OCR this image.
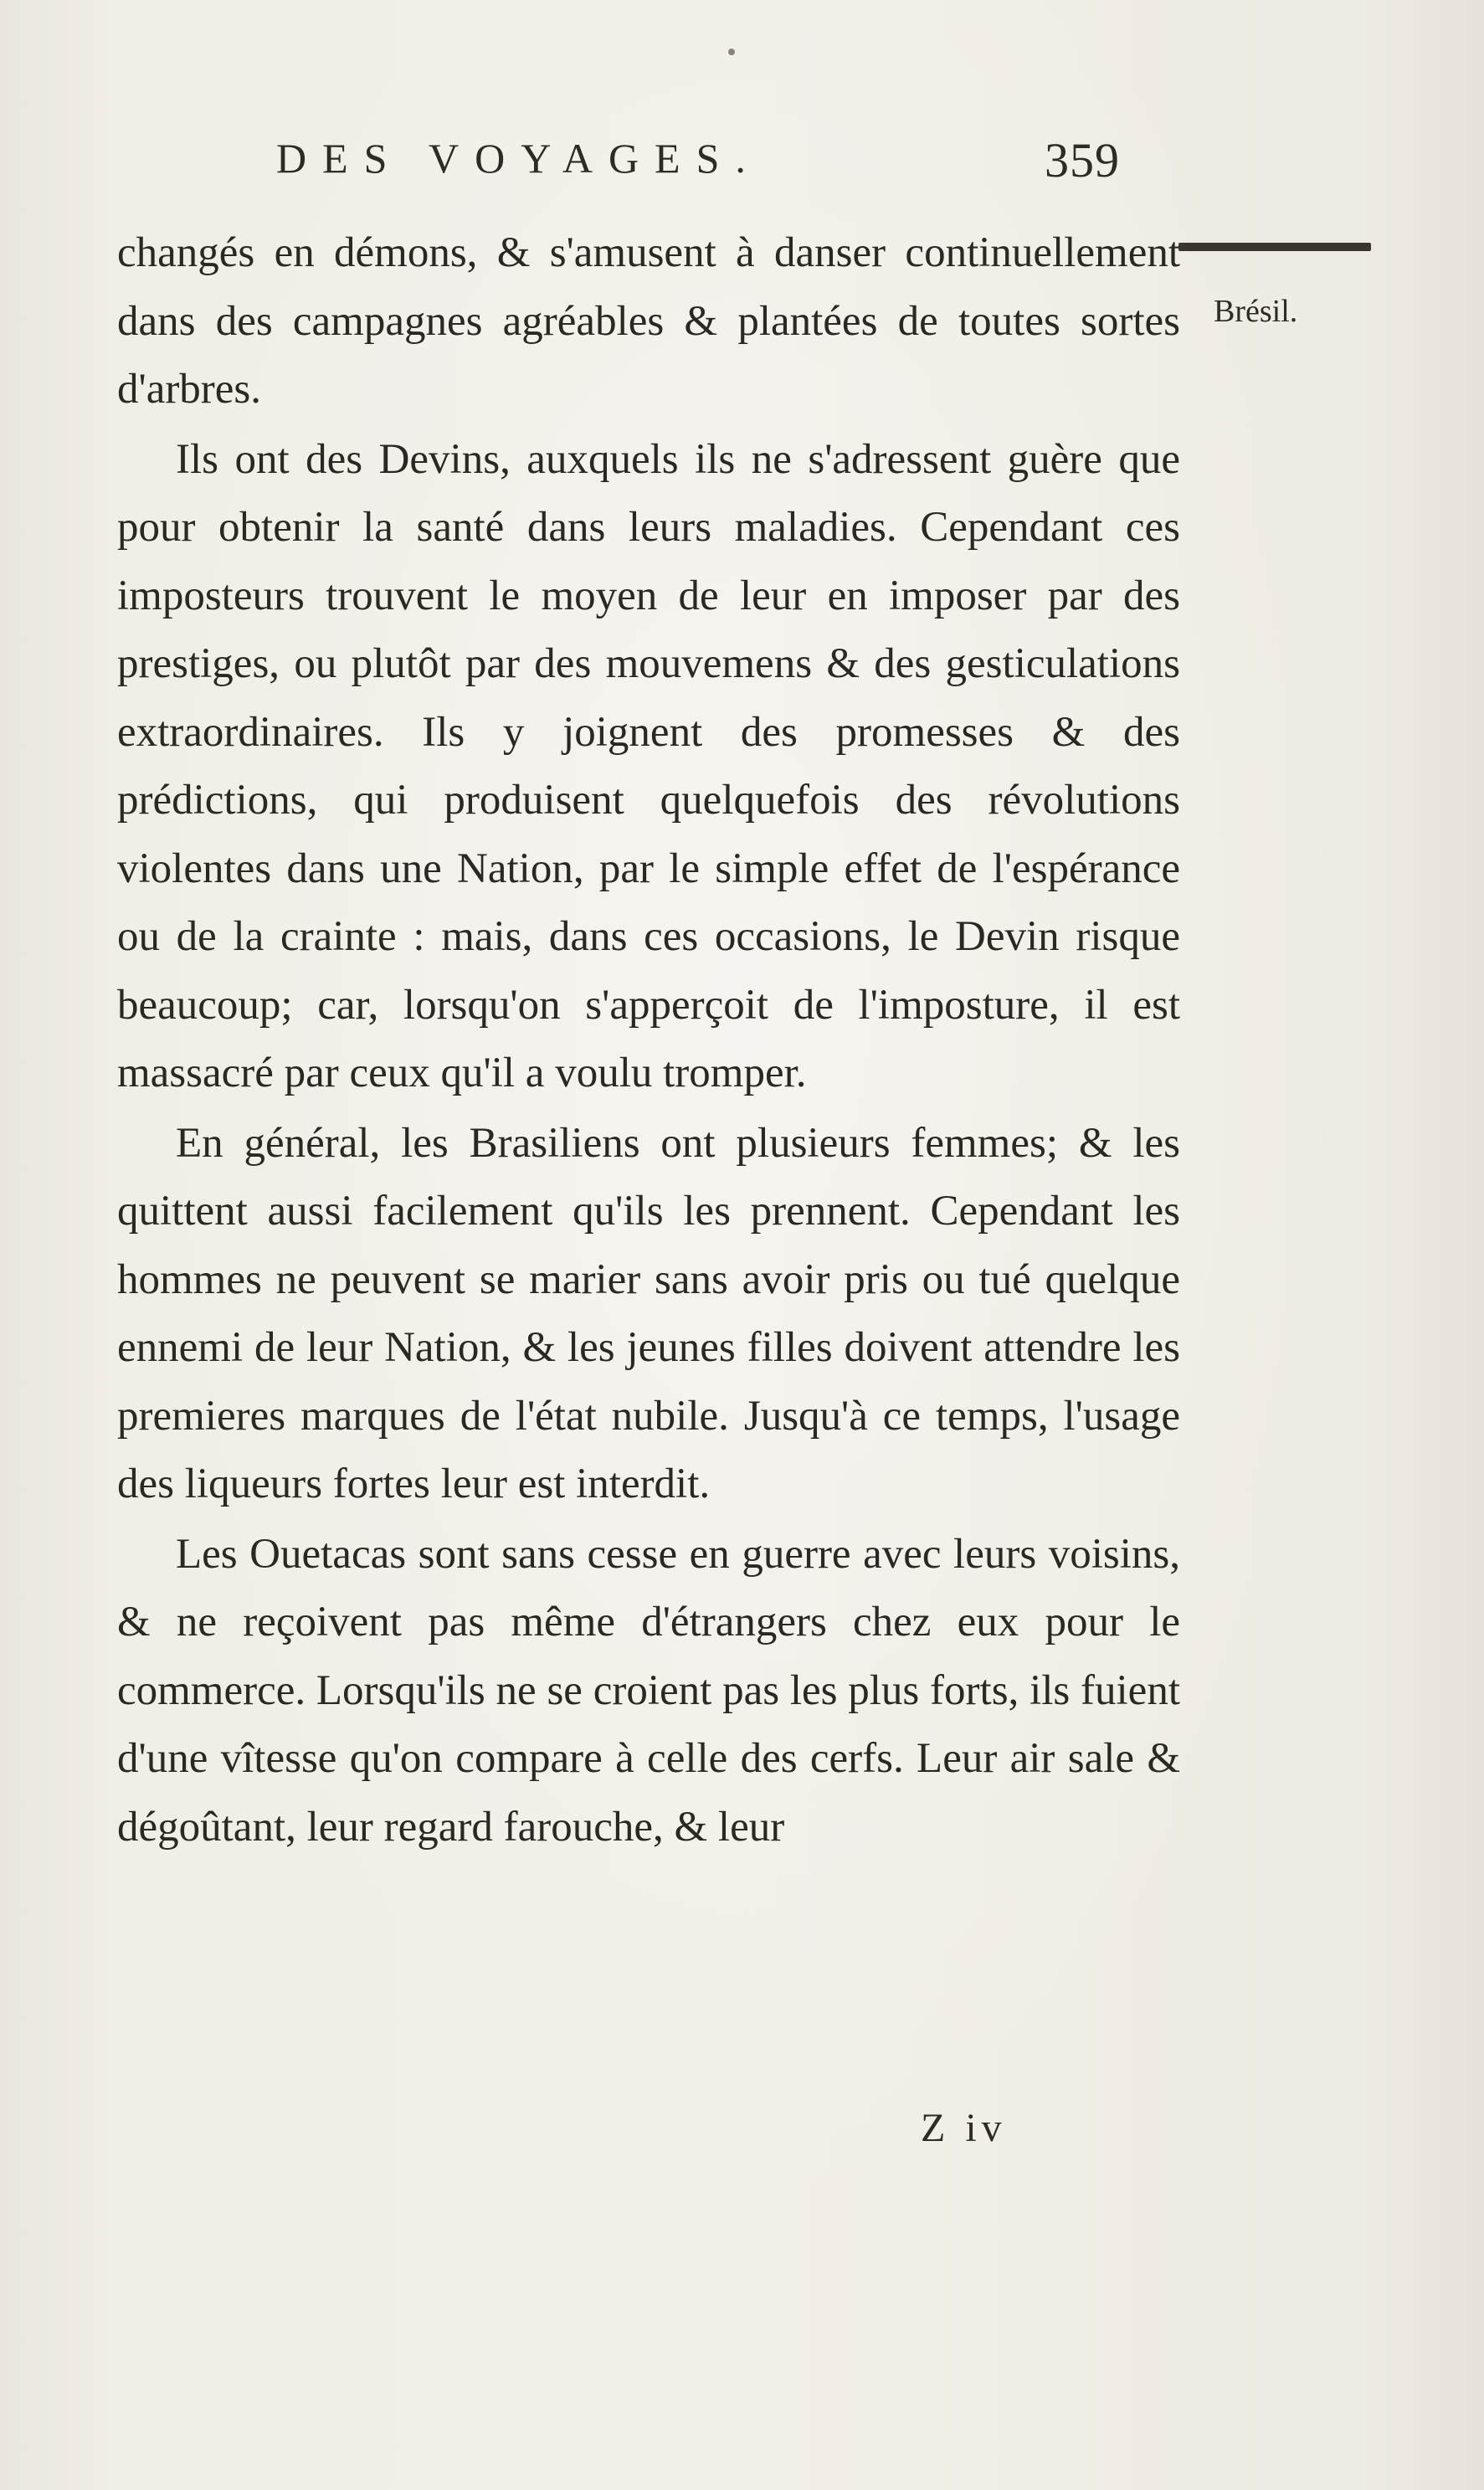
DES VOYAGES.	359
Brésil.

changés en démons, & s'amusent à danser continuellement dans des campagnes agréables & plantées de toutes sortes d'arbres.

Ils ont des Devins, auxquels ils ne s'adressent guère que pour obtenir la santé dans leurs maladies. Cependant ces imposteurs trouvent le moyen de leur en imposer par des prestiges, ou plutôt par des mouvemens & des gesticulations extraordinaires. Ils y joignent des promesses & des prédictions, qui produisent quelquefois des révolutions violentes dans une Nation, par le simple effet de l'espérance ou de la crainte : mais, dans ces occasions, le Devin risque beaucoup; car, lorsqu'on s'apperçoit de l'imposture, il est massacré par ceux qu'il a voulu tromper.

En général, les Brasiliens ont plusieurs femmes; & les quittent aussi facilement qu'ils les prennent. Cependant les hommes ne peuvent se marier sans avoir pris ou tué quelque ennemi de leur Nation, & les jeunes filles doivent attendre les premieres marques de l'état nubile. Jusqu'à ce temps, l'usage des liqueurs fortes leur est interdit.

Les Ouetacas sont sans cesse en guerre avec leurs voisins, & ne reçoivent pas même d'étrangers chez eux pour le commerce. Lorsqu'ils ne se croient pas les plus forts, ils fuient d'une vîtesse qu'on compare à celle des cerfs. Leur air sale & dégoûtant, leur regard farouche, & leur

Z iv
